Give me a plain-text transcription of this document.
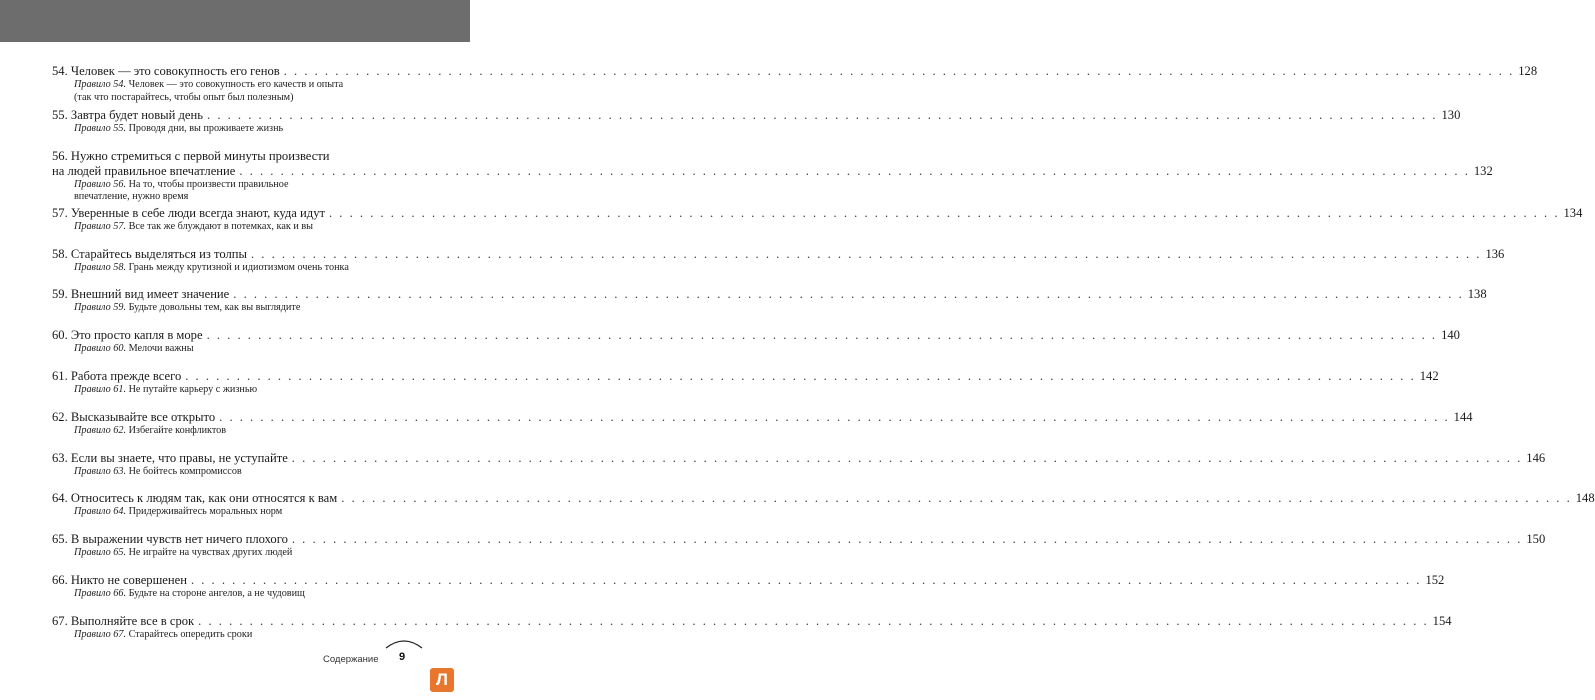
54. Человек — это совокупность его генов . . . . . . . . . . . . . . . . . . . . . . . . . . . . . . . . . . . . . . . . . . . . . . . . . . . . . . . . . . . . . . . . . . . . . . . . . . . . . . . . . . . . . . . . . . . . . . . . . . . . . . . . . . . . . . . . . . . . . . . . 128
Правило 54. Человек — это совокупность его качеств и опыта
(так что постарайтесь, чтобы опыт был полезным)
55. Завтра будет новый день . . . . . . . . . . . . . . . . . . . . . . . . . . . . . . . . . . . . . . . . . . . . . . . . . . . . . . . . . . . . . . . . . . . . . . . . . . . . . . . . . . . . . . . . . . . . . . . . . . . . . . . . . . . . . . . . . . . . . . . . 130
Правило 55. Проводя дни, вы проживаете жизнь
56. Нужно стремиться с первой минуты произвести
на людей правильное впечатление . . . . . . . . . . . . . . . . . . . . . . . . . . . . . . . . . . . . . . . . . . . . . . . . . . . . . . . . . . . . . . . . . . . . . . . . . . . . . . . . . . . . . . . . . . . . . . . . . . . . . . . . . . . . . . . . . . . . . . . . 132
Правило 56. На то, чтобы произвести правильное
впечатление, нужно время
57. Уверенные в себе люди всегда знают, куда идут . . . . . . . . . . . . . . . . . . . . . . . . . . . . . . . . . . . . . . . . . . . . . . . . . . . . . . . . . . . . . . . . . . . . . . . . . . . . . . . . . . . . . . . . . . . . . . . . . . . . . . . . . . . . . . . . . . . . . . . . 134
Правило 57. Все так же блуждают в потемках, как и вы
58. Старайтесь выделяться из толпы . . . . . . . . . . . . . . . . . . . . . . . . . . . . . . . . . . . . . . . . . . . . . . . . . . . . . . . . . . . . . . . . . . . . . . . . . . . . . . . . . . . . . . . . . . . . . . . . . . . . . . . . . . . . . . . . . . . . . . . . 136
Правило 58. Грань между крутизной и идиотизмом очень тонка
59. Внешний вид имеет значение . . . . . . . . . . . . . . . . . . . . . . . . . . . . . . . . . . . . . . . . . . . . . . . . . . . . . . . . . . . . . . . . . . . . . . . . . . . . . . . . . . . . . . . . . . . . . . . . . . . . . . . . . . . . . . . . . . . . . . . . 138
Правило 59. Будьте довольны тем, как вы выглядите
60. Это просто капля в море . . . . . . . . . . . . . . . . . . . . . . . . . . . . . . . . . . . . . . . . . . . . . . . . . . . . . . . . . . . . . . . . . . . . . . . . . . . . . . . . . . . . . . . . . . . . . . . . . . . . . . . . . . . . . . . . . . . . . . . . 140
Правило 60. Мелочи важны
61. Работа прежде всего . . . . . . . . . . . . . . . . . . . . . . . . . . . . . . . . . . . . . . . . . . . . . . . . . . . . . . . . . . . . . . . . . . . . . . . . . . . . . . . . . . . . . . . . . . . . . . . . . . . . . . . . . . . . . . . . . . . . . . . . 142
Правило 61. Не путайте карьеру с жизнью
62. Высказывайте все открыто . . . . . . . . . . . . . . . . . . . . . . . . . . . . . . . . . . . . . . . . . . . . . . . . . . . . . . . . . . . . . . . . . . . . . . . . . . . . . . . . . . . . . . . . . . . . . . . . . . . . . . . . . . . . . . . . . . . . . . . . 144
Правило 62. Избегайте конфликтов
63. Если вы знаете, что правы, не уступайте . . . . . . . . . . . . . . . . . . . . . . . . . . . . . . . . . . . . . . . . . . . . . . . . . . . . . . . . . . . . . . . . . . . . . . . . . . . . . . . . . . . . . . . . . . . . . . . . . . . . . . . . . . . . . . . . . . . . . . . . 146
Правило 63. Не бойтесь компромиссов
64. Относитесь к людям так, как они относятся к вам . . . . . . . . . . . . . . . . . . . . . . . . . . . . . . . . . . . . . . . . . . . . . . . . . . . . . . . . . . . . . . . . . . . . . . . . . . . . . . . . . . . . . . . . . . . . . . . . . . . . . . . . . . . . . . . . . . . . . . . . 148
Правило 64. Придерживайтесь моральных норм
65. В выражении чувств нет ничего плохого . . . . . . . . . . . . . . . . . . . . . . . . . . . . . . . . . . . . . . . . . . . . . . . . . . . . . . . . . . . . . . . . . . . . . . . . . . . . . . . . . . . . . . . . . . . . . . . . . . . . . . . . . . . . . . . . . . . . . . . . 150
Правило 65. Не играйте на чувствах других людей
66. Никто не совершенен . . . . . . . . . . . . . . . . . . . . . . . . . . . . . . . . . . . . . . . . . . . . . . . . . . . . . . . . . . . . . . . . . . . . . . . . . . . . . . . . . . . . . . . . . . . . . . . . . . . . . . . . . . . . . . . . . . . . . . . . 152
Правило 66. Будьте на стороне ангелов, а не чудовищ
67. Выполняйте все в срок . . . . . . . . . . . . . . . . . . . . . . . . . . . . . . . . . . . . . . . . . . . . . . . . . . . . . . . . . . . . . . . . . . . . . . . . . . . . . . . . . . . . . . . . . . . . . . . . . . . . . . . . . . . . . . . . . . . . . . . . 154
Правило 67. Старайтесь опередить сроки
Содержание 9
Л
